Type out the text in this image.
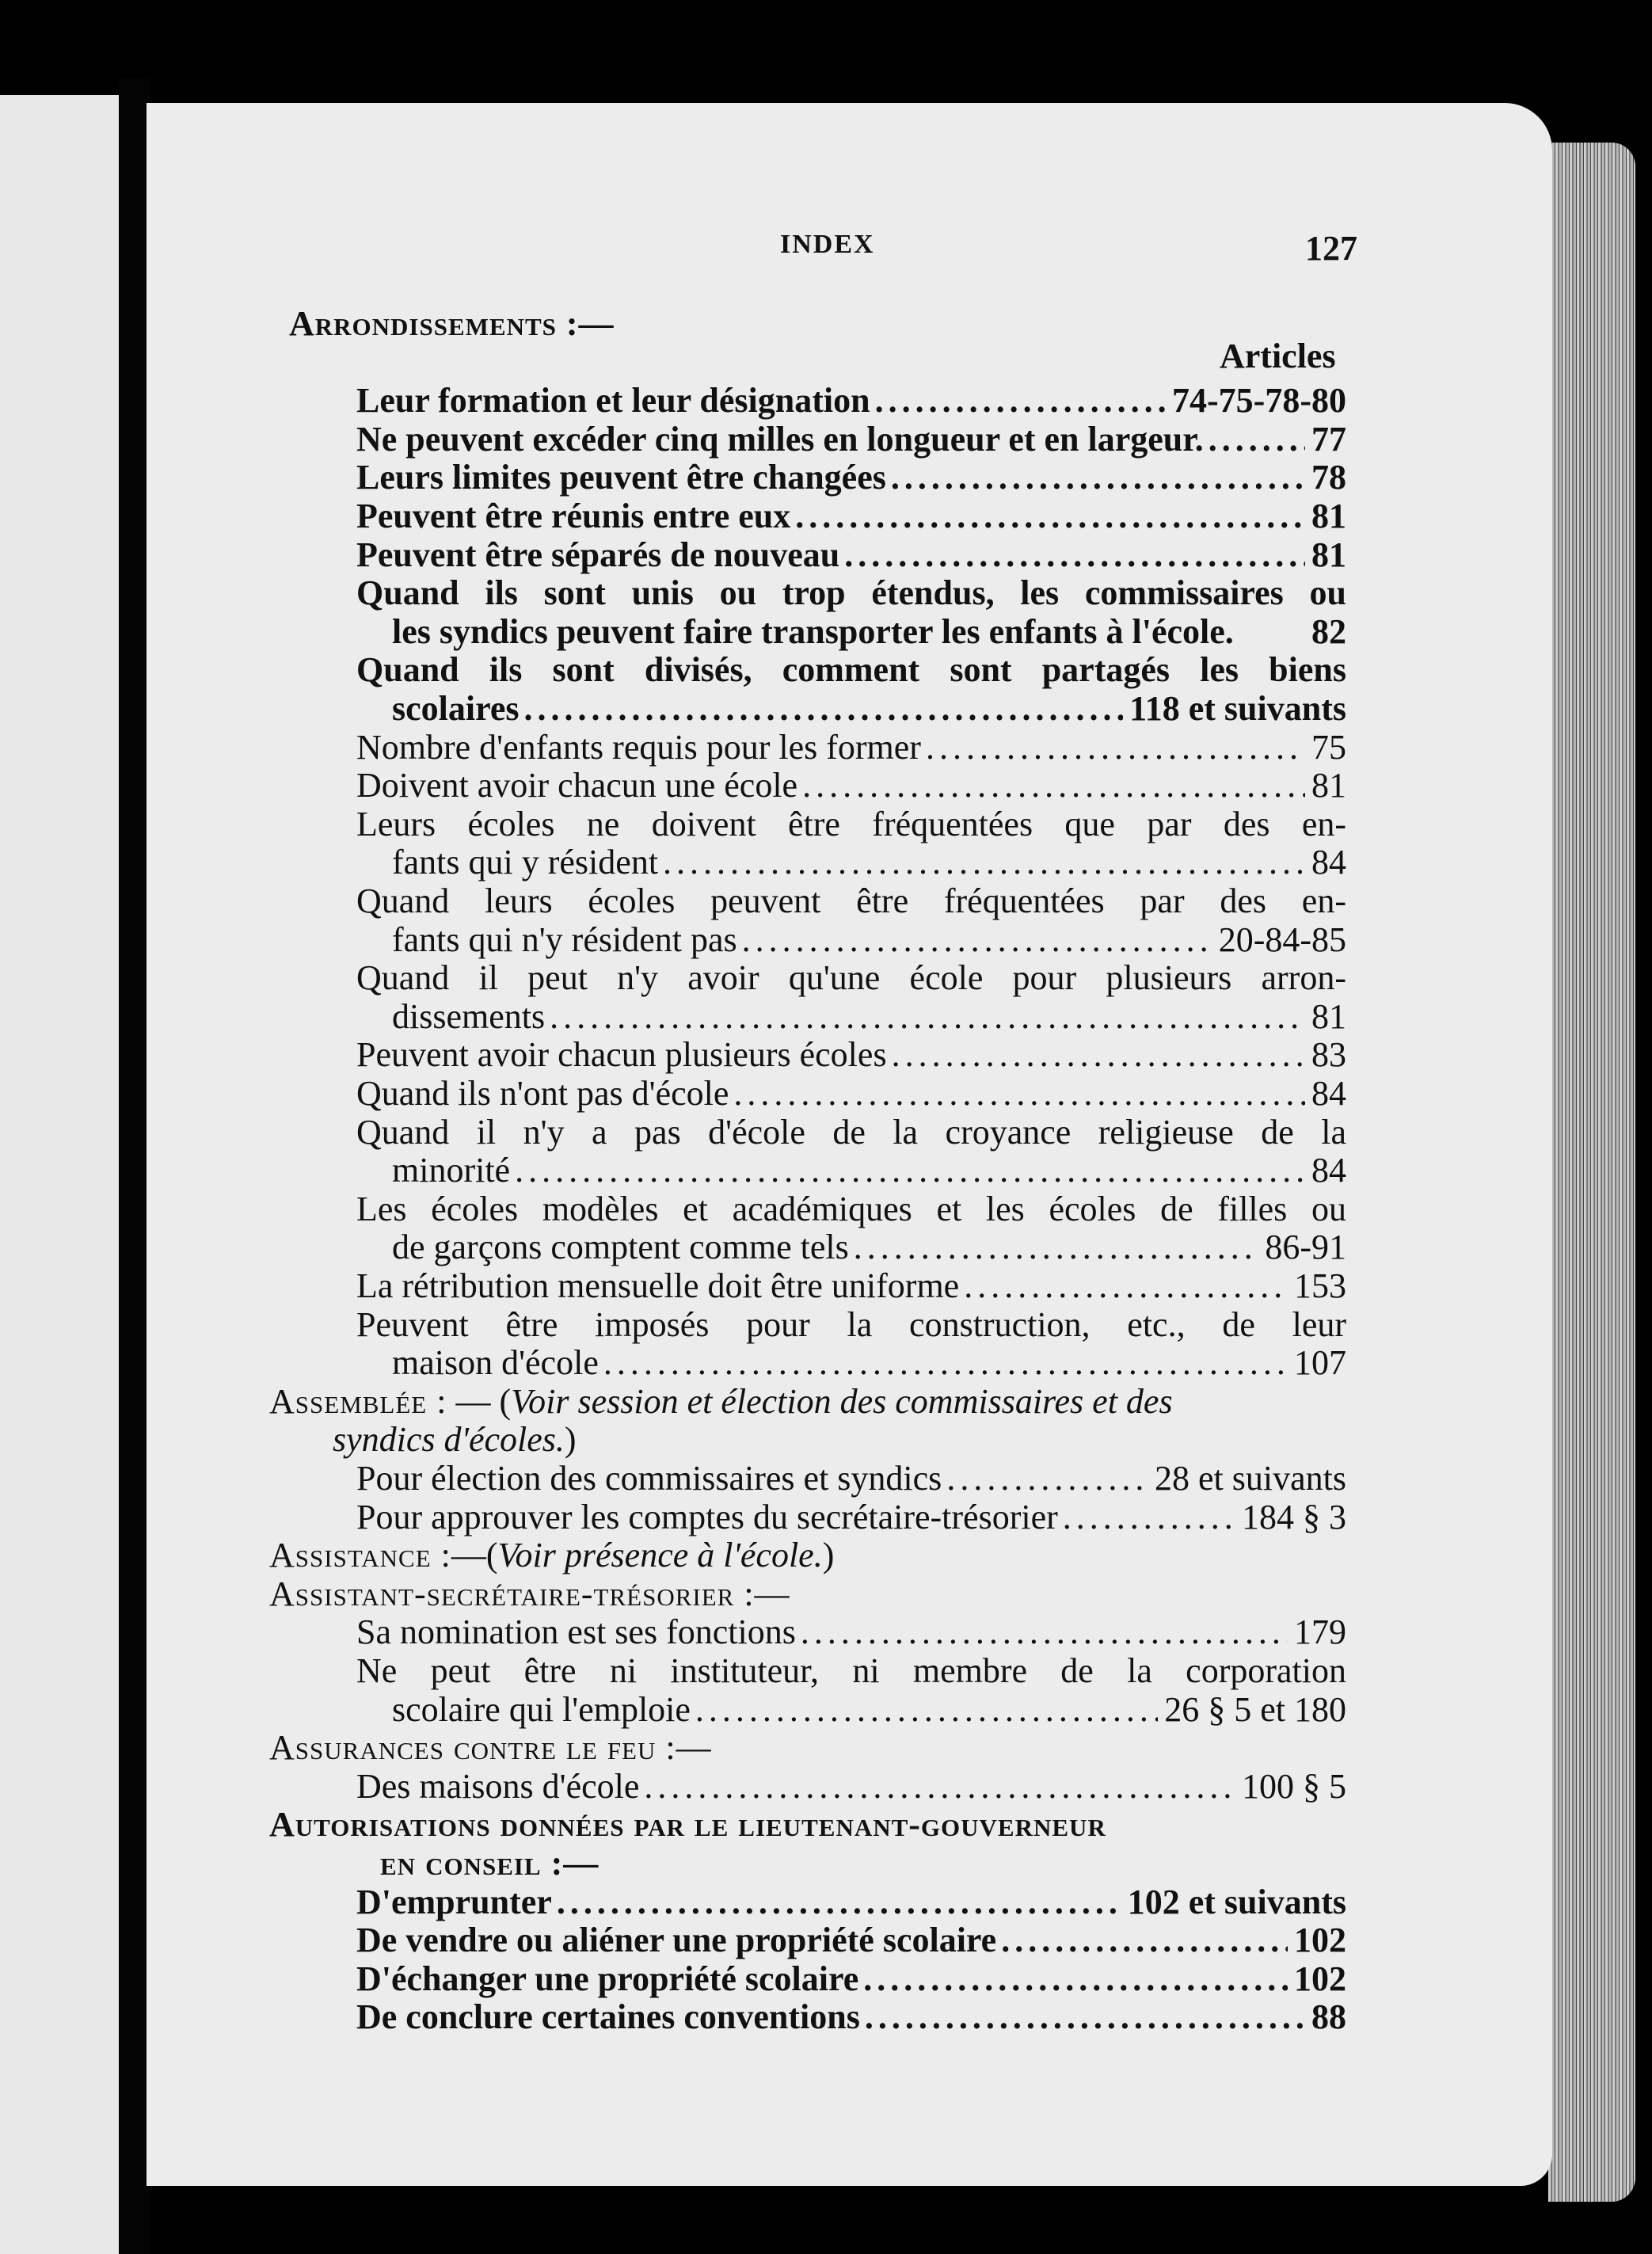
INDEX	127
Arrondissements :—
Articles
Leur formation et leur désignation .....	74-75-78-80
Ne peuvent excéder cinq milles en longueur et en largeur. .....	77
Leurs limites peuvent être changées .....	78
Peuvent être réunis entre eux .....	81
Peuvent être séparés de nouveau .....	81
Quand ils sont unis ou trop étendus, les commissaires ou
les syndics peuvent faire transporter les enfants à l'école. 82
Quand ils sont divisés, comment sont partagés les biens
scolaires .....	118 et suivants
Nombre d'enfants requis pour les former .....	75
Doivent avoir chacun une école .....	81
Leurs écoles ne doivent être fréquentées que par des en-
fants qui y résident .....	84
Quand leurs écoles peuvent être fréquentées par des en-
fants qui n'y résident pas .....	20-84-85
Quand il peut n'y avoir qu'une école pour plusieurs arron-
dissements .....	81
Peuvent avoir chacun plusieurs écoles .....	83
Quand ils n'ont pas d'école .....	84
Quand il n'y a pas d'école de la croyance religieuse de la
minorité .....	84
Les écoles modèles et académiques et les écoles de filles ou
de garçons comptent comme tels .....	86-91
La rétribution mensuelle doit être uniforme .....	153
Peuvent être imposés pour la construction, etc., de leur
maison d'école .....	107
Assemblée : — (Voir session et élection des commissaires et des
syndics d'écoles.)
Pour élection des commissaires et syndics .....	28 et suivants
Pour approuver les comptes du secrétaire-trésorier .....	184 § 3
Assistance :—(Voir présence à l'école.)
Assistant-secrétaire-trésorier :—
Sa nomination est ses fonctions .....	179
Ne peut être ni instituteur, ni membre de la corporation
scolaire qui l'emploie .....	26 § 5 et 180
Assurances contre le feu :—
Des maisons d'école .....	100 § 5
Autorisations données par le lieutenant-gouverneur
en conseil :—
D'emprunter .....	102 et suivants
De vendre ou aliéner une propriété scolaire .....	102
D'échanger une propriété scolaire .....	102
De conclure certaines conventions .....	88
